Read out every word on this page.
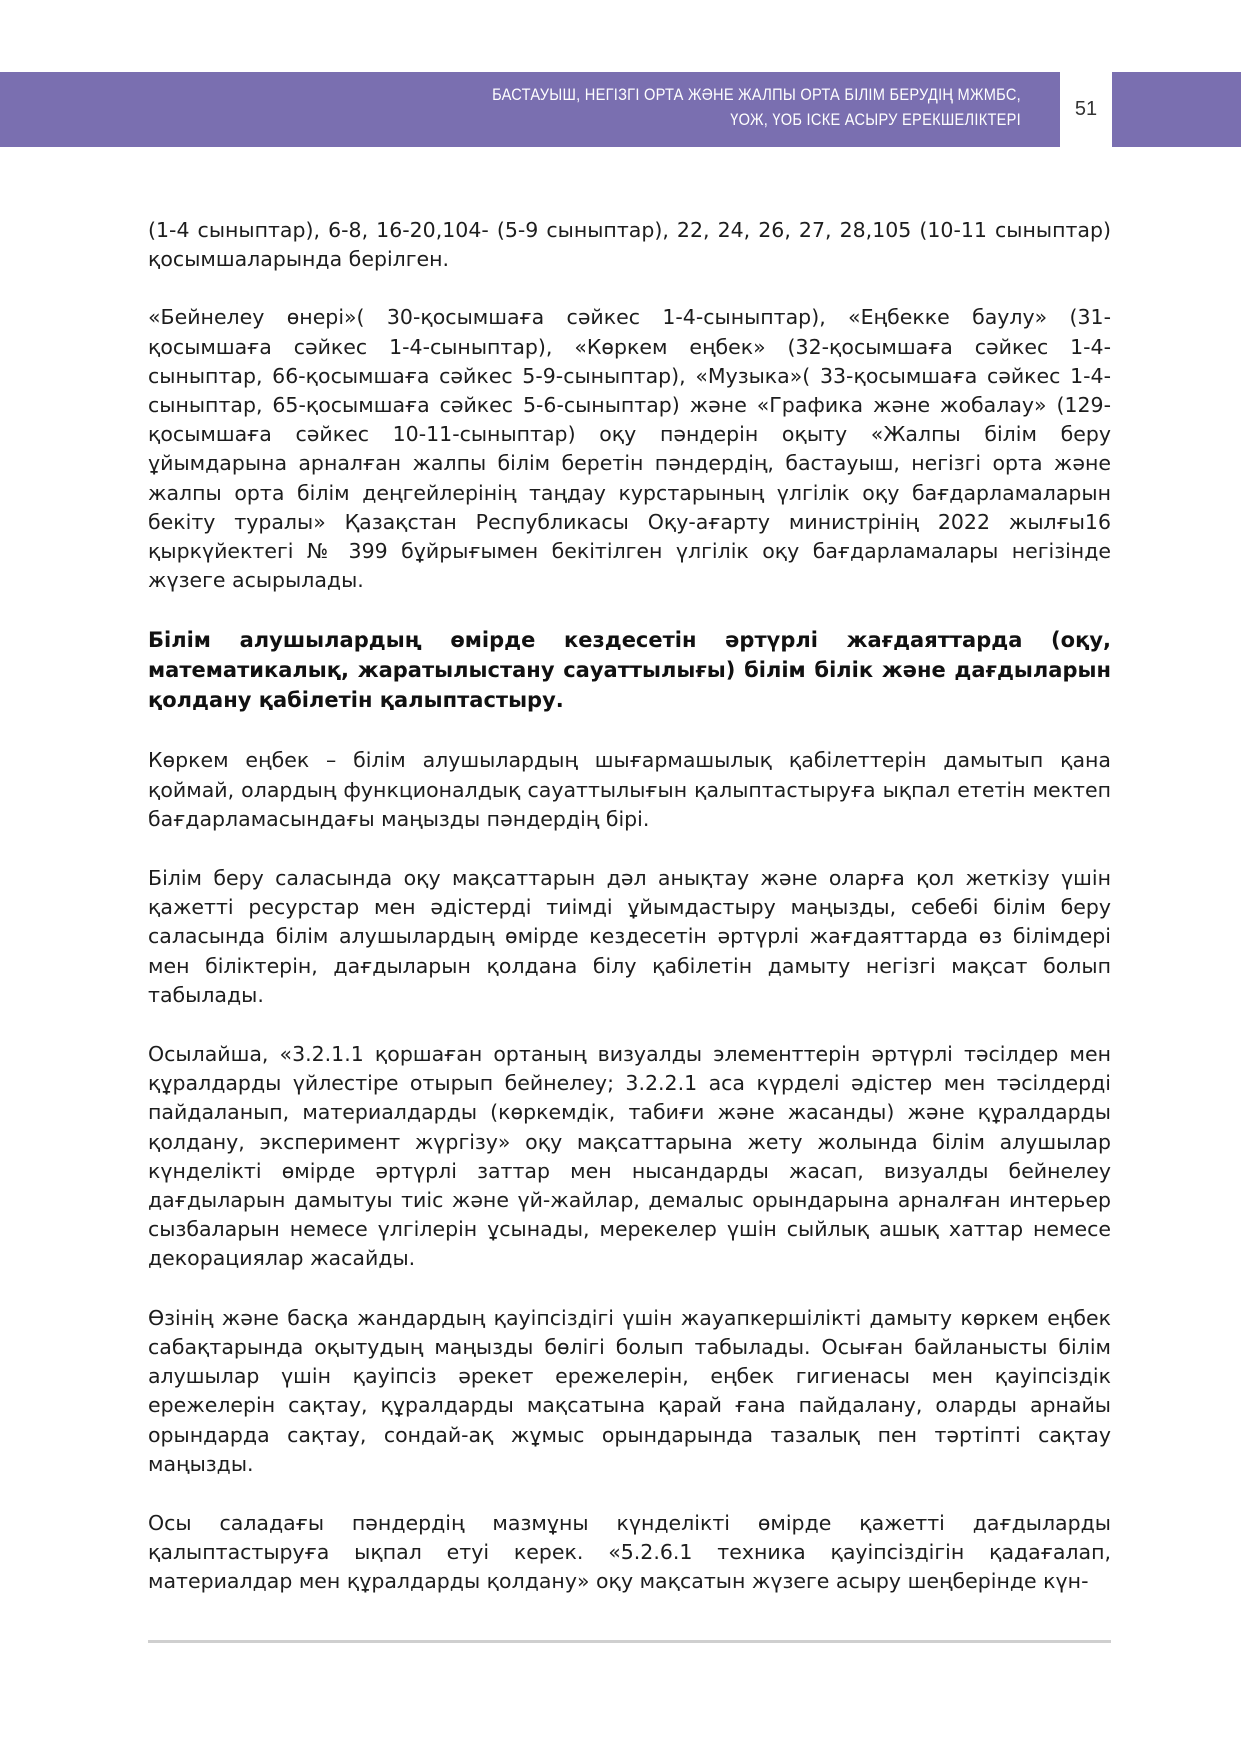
БАСТАУЫШ, НЕГІЗГІ ОРТА ЖӘНЕ ЖАЛПЫ ОРТА БІЛІМ БЕРУДІҢ МЖМБС,
ҮОЖ, ҮОБ ІСКЕ АСЫРУ ЕРЕКШЕЛІКТЕРІ	51

(1-4 сыныптар), 6-8, 16-20,104- (5-9 сыныптар), 22, 24, 26, 27, 28,105 (10-11 сыныптар) қосымшаларында берілген.

«Бейнелеу өнері»( 30-қосымшаға сәйкес 1-4-сыныптар), «Еңбекке баулу» (31-қосымшаға сәйкес 1-4-сыныптар), «Көркем еңбек» (32-қосымшаға сәйкес 1-4-сыныптар, 66-қосымшаға сәйкес 5-9-сыныптар), «Музыка»( 33-қосымшаға сәйкес 1-4-сыныптар, 65-қосымшаға сәйкес 5-6-сыныптар) және «Графика және жобалау» (129-қосымшаға сәйкес 10-11-сыныптар) оқу пәндерін оқыту «Жалпы білім беру ұйымдарына арналған жалпы білім беретін пәндердің, бастауыш, негізгі орта және жалпы орта білім деңгейлерінің таңдау курстарының үлгілік оқу бағдарламаларын бекіту туралы» Қазақстан Республикасы Оқу-ағарту министрінің 2022 жылғы16 қыркүйектегі № 399 бұйрығымен бекітілген үлгілік оқу бағдарламалары негізінде жүзеге асырылады.

Білім алушылардың өмірде кездесетін әртүрлі жағдаяттарда (оқу, математикалық, жаратылыстану сауаттылығы) білім білік және дағдыларын қолдану қабілетін қалыптастыру.

Көркем еңбек – білім алушылардың шығармашылық қабілеттерін дамытып қана қоймай, олардың функционалдық сауаттылығын қалыптастыруға ықпал ететін мектеп бағдарламасындағы маңызды пәндердің бірі.

Білім беру саласында оқу мақсаттарын дәл анықтау және оларға қол жеткізу үшін қажетті ресурстар мен әдістерді тиімді ұйымдастыру маңызды, себебі білім беру саласында білім алушылардың өмірде кездесетін әртүрлі жағдаяттарда өз білімдері мен біліктерін, дағдыларын қолдана білу қабілетін дамыту негізгі мақсат болып табылады.

Осылайша, «3.2.1.1 қоршаған ортаның визуалды элементтерін әртүрлі тәсілдер мен құралдарды үйлестіре отырып бейнелеу; 3.2.2.1 аса күрделі әдістер мен тәсілдерді пайдаланып, материалдарды (көркемдік, табиғи және жасанды) және құралдарды қолдану, эксперимент жүргізу» оқу мақсаттарына жету жолында білім алушылар күнделікті өмірде әртүрлі заттар мен нысандарды жасап, визуалды бейнелеу дағдыларын дамытуы тиіс және үй-жайлар, демалыс орындарына арналған интерьер сызбаларын немесе үлгілерін ұсынады, мерекелер үшін сыйлық ашық хаттар немесе декорациялар жасайды.

Өзінің және басқа жандардың қауіпсіздігі үшін жауапкершілікті дамыту көркем еңбек сабақтарында оқытудың маңызды бөлігі болып табылады. Осыған байланысты білім алушылар үшін қауіпсіз әрекет ережелерін, еңбек гигиенасы мен қауіпсіздік ережелерін сақтау, құралдарды мақсатына қарай ғана пайдалану, оларды арнайы орындарда сақтау, сондай-ақ жұмыс орындарында тазалық пен тәртіпті сақтау маңызды.

Осы саладағы пәндердің мазмұны күнделікті өмірде қажетті дағдыларды қалыптастыруға ықпал етуі керек. «5.2.6.1 техника қауіпсіздігін қадағалап, материалдар мен құралдарды қолдану» оқу мақсатын жүзеге асыру шеңберінде күн-
